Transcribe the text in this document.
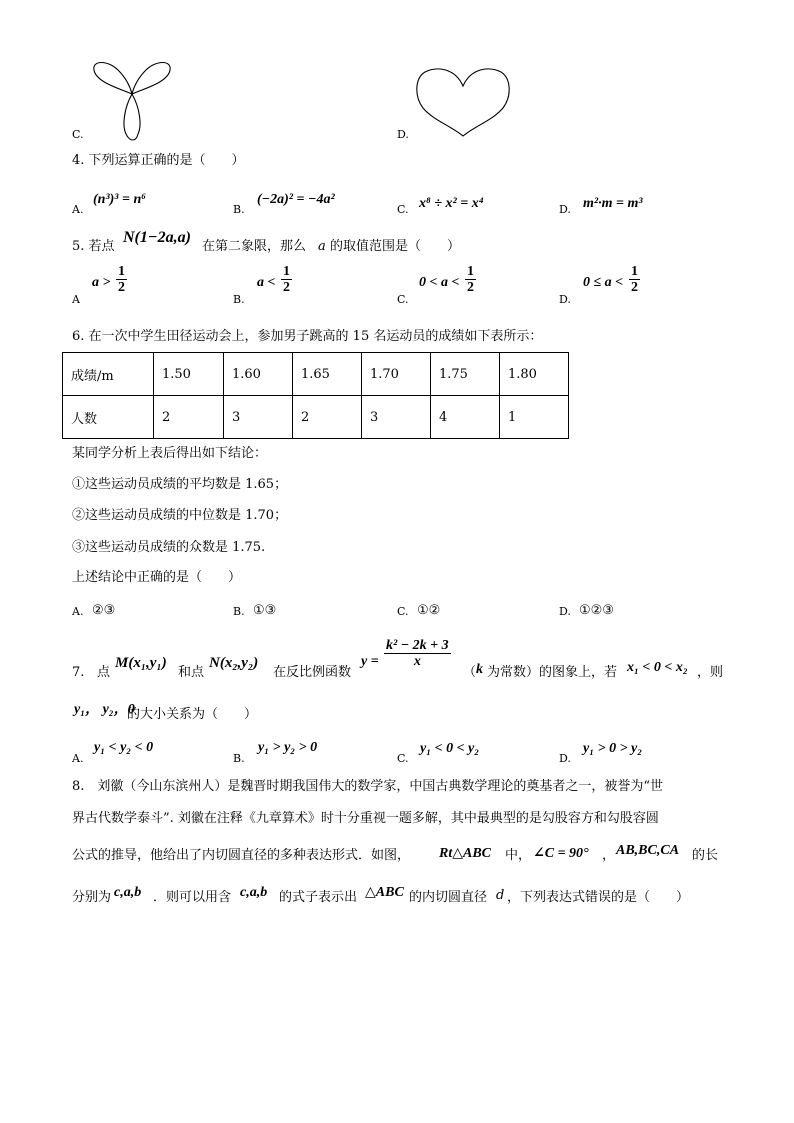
C.	D.
4. 下列运算正确的是（　　）
A.
(n³)³ = n⁶
B.
(−2a)² = −4a²
C. x⁸ ÷ x² = x⁴	D. m²·m = m³
5. 若点
N(1−2a,a)
在第二象限，那么 a 的取值范围是（　　）
A
$a > \frac{1}{2}$
B.
$a < \frac{1}{2}$
C.
$0 < a < \frac{1}{2}$
D.
$0 \le a < \frac{1}{2}$
6. 在一次中学生田径运动会上，参加男子跳高的 15 名运动员的成绩如下表所示：
成绩/m	1.50	1.60	1.65	1.70	1.75	1.80
人数	2	3	2	3	4	1
某同学分析上表后得出如下结论：
①这些运动员成绩的平均数是 1.65；
②这些运动员成绩的中位数是 1.70；
③这些运动员成绩的众数是 1.75.
上述结论中正确的是（　　）
A. ②③	B. ①③	C. ①②	D. ①②③
7. 点
M(x₁,y₁)
和点
N(x₂,y₂)
在反比例函数
$y = \frac{\text{k² − 2k + 3}}{x}$
（ k 为常数）的图象上，若 x₁ < 0 < x₂ ，则
y₁， y₂，0
的大小关系为（　　）
A.
y₁ < y₂ < 0
B.
y₁ > y₂ > 0
C.
y₁ < 0 < y₂
D.
y₁ > 0 > y₂
8.　刘徽（今山东滨州人）是魏晋时期我国伟大的数学家，中国古典数学理论的奠基者之一，被誉为“世
界古代数学泰斗”. 刘徽在注释《九章算术》时十分重视一题多解，其中最典型的是勾股容方和勾股容圆
公式的推导，他给出了内切圆直径的多种表达形式．如图， Rt△ABC 中， ∠C = 90° ， AB,BC,CA 的长
分别为 c,a,b ．则可以用含 c,a,b 的式子表示出 △ABC 的内切圆直径 d ，下列表达式错误的是（　　）
